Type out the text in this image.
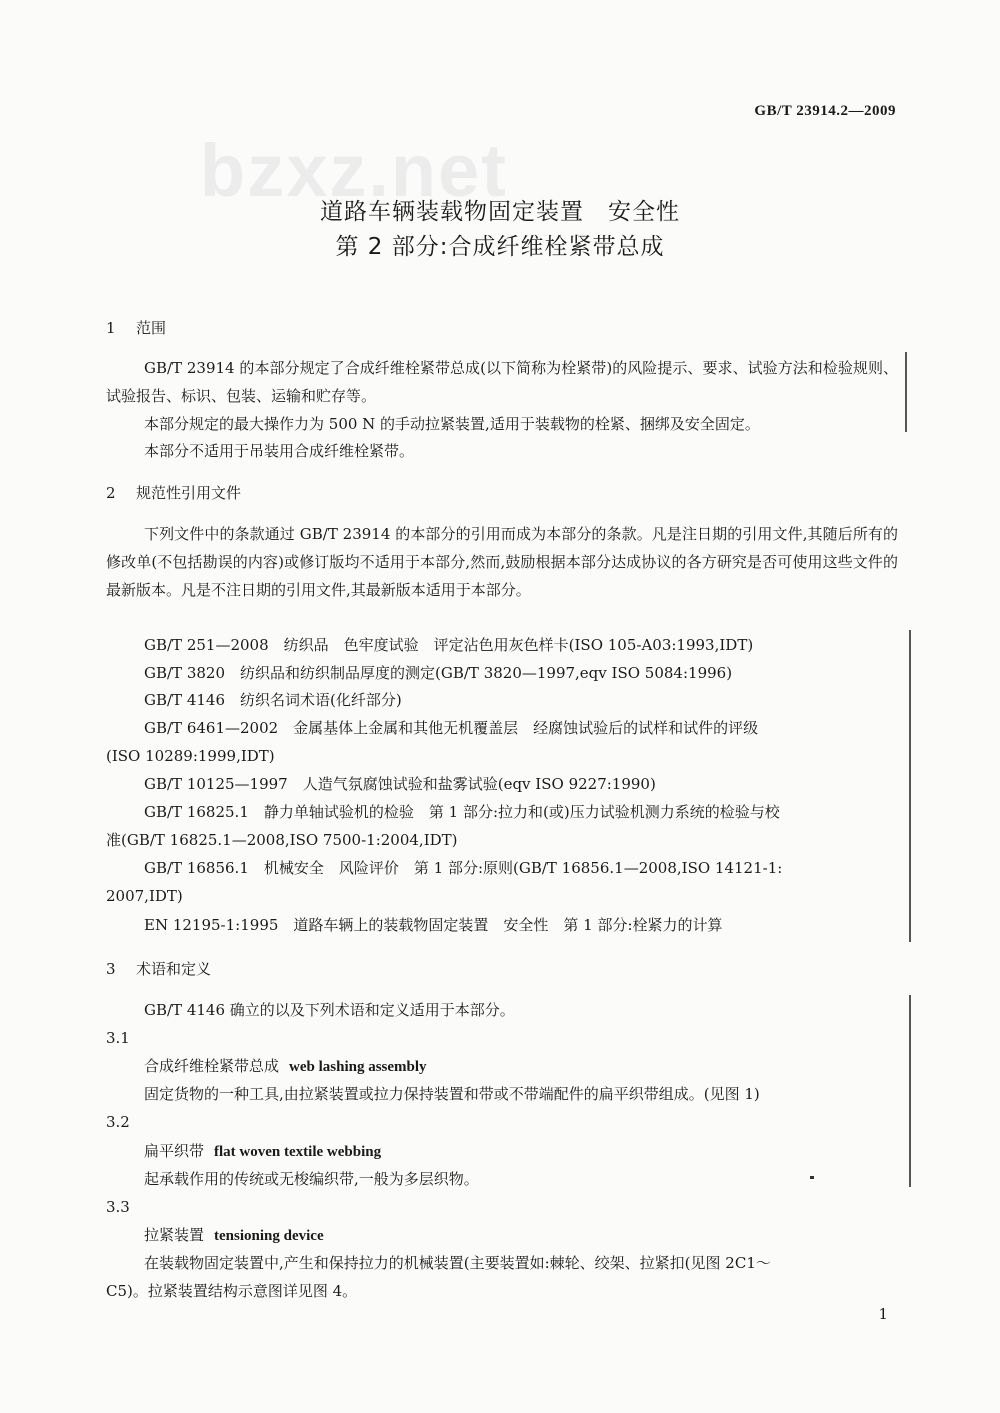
bzxz.net
GB/T 23914.2—2009
道路车辆装载物固定装置　安全性
第 2 部分:合成纤维栓紧带总成
1 范围
GB/T 23914 的本部分规定了合成纤维栓紧带总成(以下简称为栓紧带)的风险提示、要求、试验方法和检验规则、试验报告、标识、包装、运输和贮存等。
本部分规定的最大操作力为 500 N 的手动拉紧装置,适用于装载物的栓紧、捆绑及安全固定。
本部分不适用于吊装用合成纤维栓紧带。
2 规范性引用文件
下列文件中的条款通过 GB/T 23914 的本部分的引用而成为本部分的条款。凡是注日期的引用文件,其随后所有的修改单(不包括勘误的内容)或修订版均不适用于本部分,然而,鼓励根据本部分达成协议的各方研究是否可使用这些文件的最新版本。凡是不注日期的引用文件,其最新版本适用于本部分。
GB/T 251—2008　纺织品　色牢度试验　评定沾色用灰色样卡(ISO 105-A03:1993,IDT)
GB/T 3820　纺织品和纺织制品厚度的测定(GB/T 3820—1997,eqv ISO 5084:1996)
GB/T 4146　纺织名词术语(化纤部分)
GB/T 6461—2002　金属基体上金属和其他无机覆盖层　经腐蚀试验后的试样和试件的评级
(ISO 10289:1999,IDT)
GB/T 10125—1997　人造气氛腐蚀试验和盐雾试验(eqv ISO 9227:1990)
GB/T 16825.1　静力单轴试验机的检验　第 1 部分:拉力和(或)压力试验机测力系统的检验与校
准(GB/T 16825.1—2008,ISO 7500-1:2004,IDT)
GB/T 16856.1　机械安全　风险评价　第 1 部分:原则(GB/T 16856.1—2008,ISO 14121-1:
2007,IDT)
EN 12195-1:1995　道路车辆上的装载物固定装置　安全性　第 1 部分:栓紧力的计算
3 术语和定义
GB/T 4146 确立的以及下列术语和定义适用于本部分。
3.1
合成纤维栓紧带总成 web lashing assembly
固定货物的一种工具,由拉紧装置或拉力保持装置和带或不带端配件的扁平织带组成。(见图 1)
3.2
扁平织带 flat woven textile webbing
起承载作用的传统或无梭编织带,一般为多层织物。
3.3
拉紧装置 tensioning device
在装载物固定装置中,产生和保持拉力的机械装置(主要装置如:棘轮、绞架、拉紧扣(见图 2C1～
C5)。拉紧装置结构示意图详见图 4。
1
